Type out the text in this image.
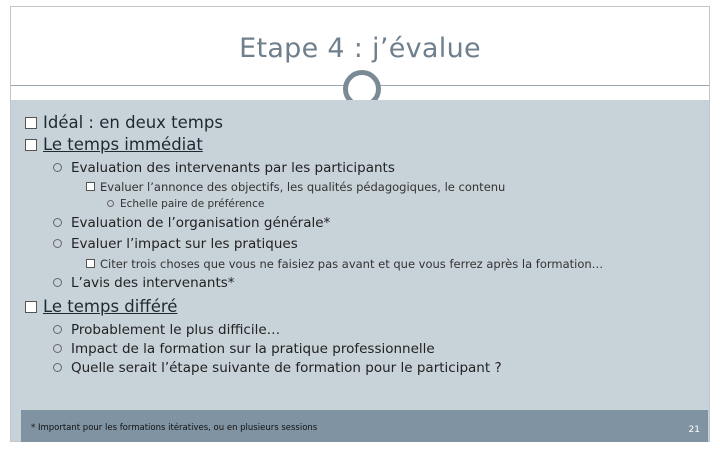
Etape 4 : j’évalue
Idéal : en deux temps
Le temps immédiat
Evaluation des intervenants par les participants
Evaluer l’annonce des objectifs, les qualités pédagogiques, le contenu
Echelle paire de préférence
Evaluation de l’organisation générale*
Evaluer l’impact sur les pratiques
Citer trois choses que vous ne faisiez pas avant et que vous ferrez après la formation…
L’avis des intervenants*
Le temps différé
Probablement le plus difficile…
Impact de la formation sur la pratique professionnelle
Quelle serait l’étape suivante de formation pour le participant ?
* Important pour les formations itératives, ou en plusieurs sessions	21
